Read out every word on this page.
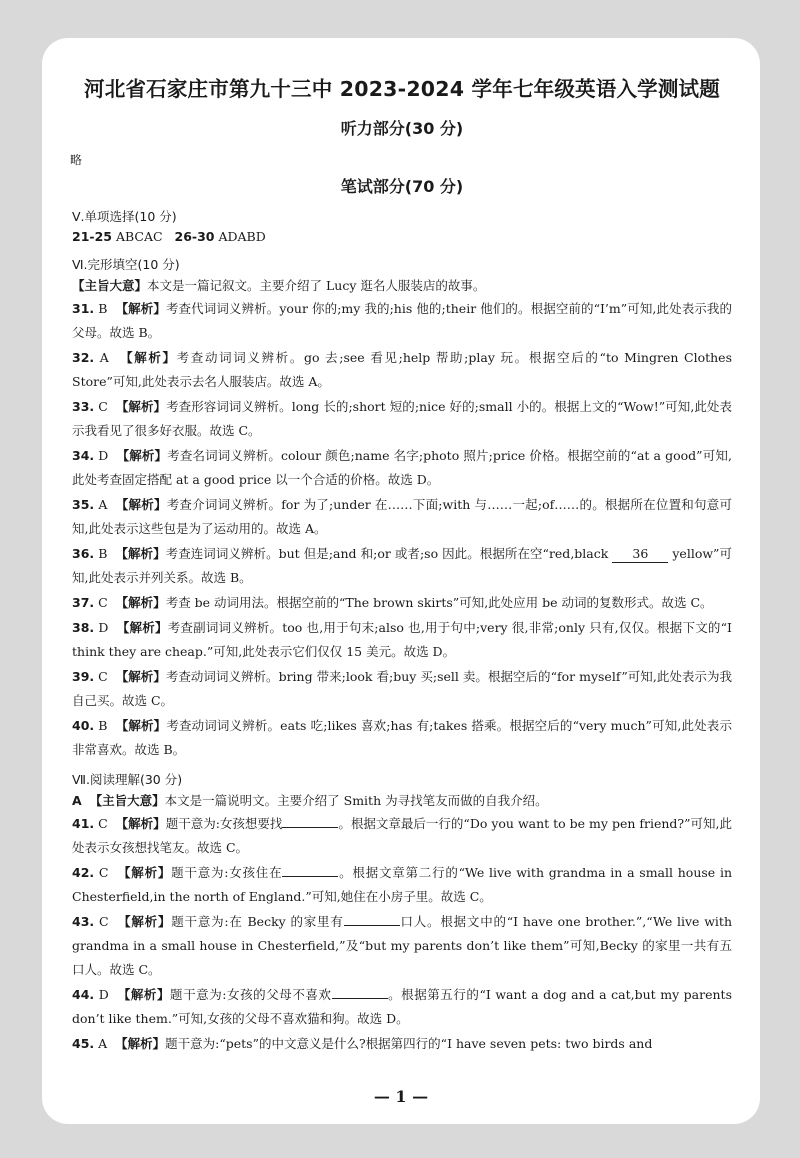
河北省石家庄市第九十三中 2023-2024 学年七年级英语入学测试题
听力部分(30 分)
略
笔试部分(70 分)
Ⅴ.单项选择(10 分)
21-25 ABCAC 26-30 ADABD
Ⅵ.完形填空(10 分)
【主旨大意】本文是一篇记叙文。主要介绍了 Lucy 逛名人服装店的故事。
31. B 【解析】考查代词词义辨析。your 你的;my 我的;his 他的;their 他们的。根据空前的“I’m”可知,此处表示我的父母。故选 B。
32. A 【解析】考查动词词义辨析。go 去;see 看见;help 帮助;play 玩。根据空后的“to Mingren Clothes Store”可知,此处表示去名人服装店。故选 A。
33. C 【解析】考查形容词词义辨析。long 长的;short 短的;nice 好的;small 小的。根据上文的“Wow!”可知,此处表示我看见了很多好衣服。故选 C。
34. D 【解析】考查名词词义辨析。colour 颜色;name 名字;photo 照片;price 价格。根据空前的“at a good”可知,此处考查固定搭配 at a good price 以一个合适的价格。故选 D。
35. A 【解析】考查介词词义辨析。for 为了;under 在……下面;with 与……一起;of……的。根据所在位置和句意可知,此处表示这些包是为了运动用的。故选 A。
36. B 【解析】考查连词词义辨析。but 但是;and 和;or 或者;so 因此。根据所在空“red,black 36 yellow”可知,此处表示并列关系。故选 B。
37. C 【解析】考查 be 动词用法。根据空前的“The brown skirts”可知,此处应用 be 动词的复数形式。故选 C。
38. D 【解析】考查副词词义辨析。too 也,用于句末;also 也,用于句中;very 很,非常;only 只有,仅仅。根据下文的“I think they are cheap.”可知,此处表示它们仅仅 15 美元。故选 D。
39. C 【解析】考查动词词义辨析。bring 带来;look 看;buy 买;sell 卖。根据空后的“for myself”可知,此处表示为我自己买。故选 C。
40. B 【解析】考查动词词义辨析。eats 吃;likes 喜欢;has 有;takes 搭乘。根据空后的“very much”可知,此处表示非常喜欢。故选 B。
Ⅶ.阅读理解(30 分)
A 【主旨大意】本文是一篇说明文。主要介绍了 Smith 为寻找笔友而做的自我介绍。
41. C 【解析】题干意为:女孩想要找	。根据文章最后一行的“Do you want to be my pen friend?”可知,此处表示女孩想找笔友。故选 C。
42. C 【解析】题干意为:女孩住在	。根据文章第二行的“We live with grandma in a small house in Chesterfield,in the north of England.”可知,她住在小房子里。故选 C。
43. C 【解析】题干意为:在 Becky 的家里有	口人。根据文中的“I have one brother.”,“We live with grandma in a small house in Chesterfield,”及“but my parents don’t like them”可知,Becky 的家里一共有五口人。故选 C。
44. D 【解析】题干意为:女孩的父母不喜欢	。根据第五行的“I want a dog and a cat,but my parents don’t like them.”可知,女孩的父母不喜欢猫和狗。故选 D。
45. A 【解析】题干意为:“pets”的中文意义是什么?根据第四行的“I have seven pets: two birds and
— 1 —
